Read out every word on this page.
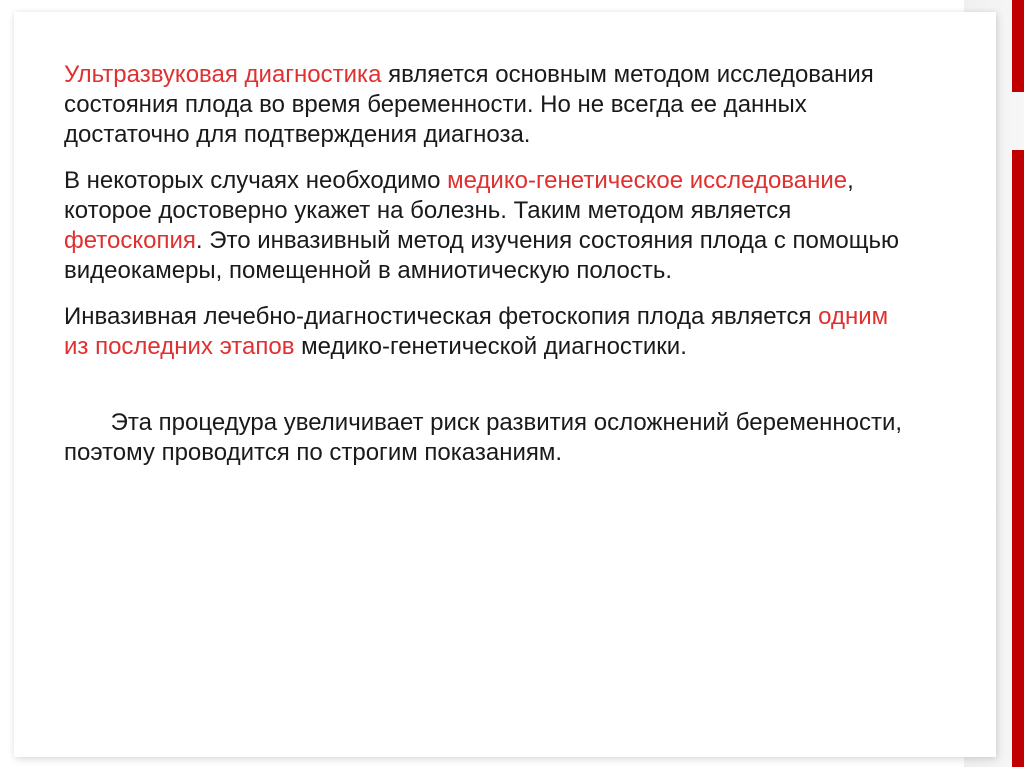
Ультразвуковая диагностика является основным методом исследования состояния плода во время беременности. Но не всегда ее данных достаточно для подтверждения диагноза.

В некоторых случаях необходимо медико-генетическое исследование, которое достоверно укажет на болезнь. Таким методом является фетоскопия. Это инвазивный метод изучения состояния плода с помощью видеокамеры, помещенной в амниотическую полость.

Инвазивная лечебно-диагностическая фетоскопия плода является одним из последних этапов медико-генетической диагностики.

Эта процедура увеличивает риск развития осложнений беременности, поэтому проводится по строгим показаниям.
